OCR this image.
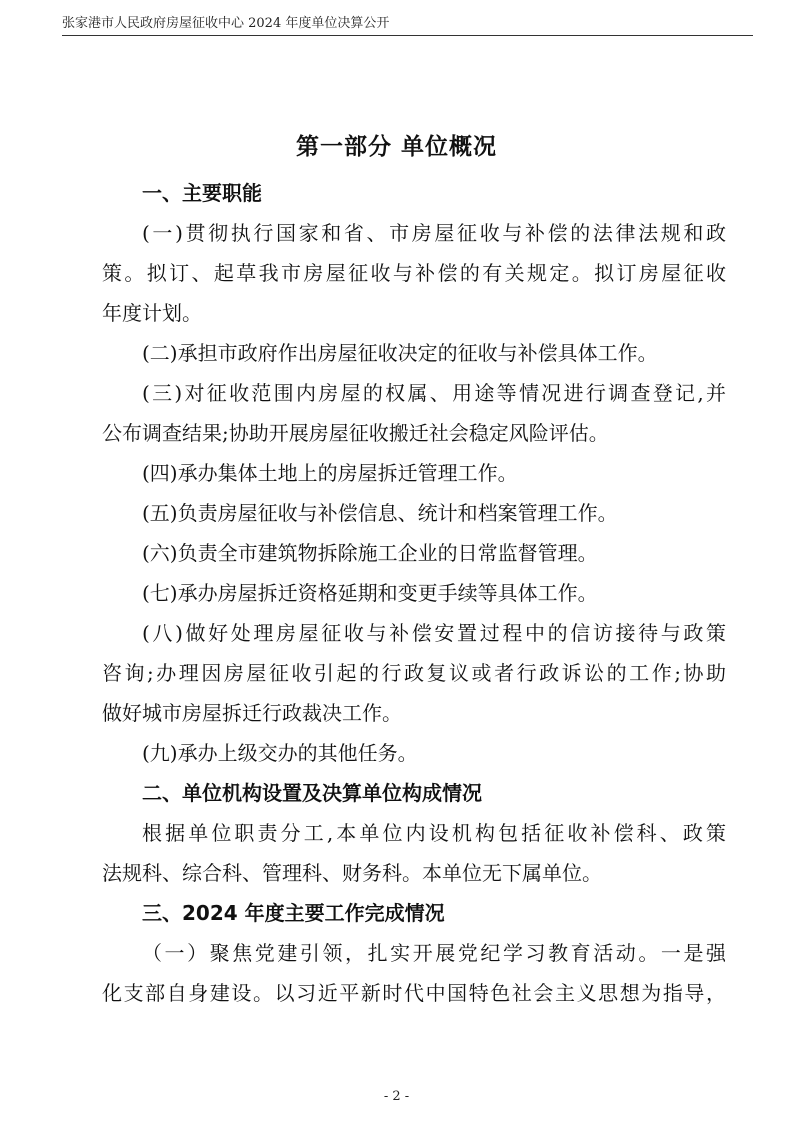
张家港市人民政府房屋征收中心 2024 年度单位决算公开
第一部分 单位概况
一、主要职能
(一)贯彻执行国家和省、市房屋征收与补偿的法律法规和政
策。拟订、起草我市房屋征收与补偿的有关规定。拟订房屋征收
年度计划。
(二)承担市政府作出房屋征收决定的征收与补偿具体工作。
(三)对征收范围内房屋的权属、用途等情况进行调查登记,并
公布调查结果;协助开展房屋征收搬迁社会稳定风险评估。
(四)承办集体土地上的房屋拆迁管理工作。
(五)负责房屋征收与补偿信息、统计和档案管理工作。
(六)负责全市建筑物拆除施工企业的日常监督管理。
(七)承办房屋拆迁资格延期和变更手续等具体工作。
(八)做好处理房屋征收与补偿安置过程中的信访接待与政策
咨询;办理因房屋征收引起的行政复议或者行政诉讼的工作;协助
做好城市房屋拆迁行政裁决工作。
(九)承办上级交办的其他任务。
二、单位机构设置及决算单位构成情况
根据单位职责分工,本单位内设机构包括征收补偿科、政策
法规科、综合科、管理科、财务科。本单位无下属单位。
三、2024 年度主要工作完成情况
（一）聚焦党建引领，扎实开展党纪学习教育活动。一是强
化支部自身建设。以习近平新时代中国特色社会主义思想为指导，
- 2 -
